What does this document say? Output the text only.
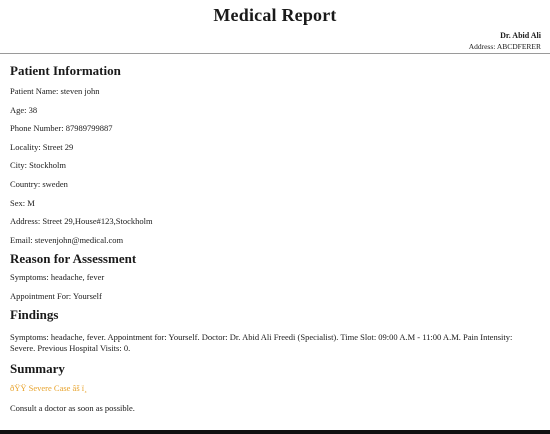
Medical Report
Dr. Abid Ali
Address: ABCDFERER
Patient Information

Patient Name: steven john

Age: 38

Phone Number: 87989799887

Locality: Street 29

City: Stockholm

Country: sweden

Sex: M

Address: Street 29,House#123,Stockholm

Email: stevenjohn@medical.com

Reason for Assessment

Symptoms: headache, fever

Appointment For: Yourself

Findings

Symptoms: headache, fever. Appointment for: Yourself. Doctor: Dr. Abid Ali Freedi (Specialist). Time Slot: 09:00 A.M - 11:00 A.M. Pain Intensity: Severe. Previous Hospital Visits: 0.

Summary
ðŸŸ Severe Case âš ï¸
Consult a doctor as soon as possible.
